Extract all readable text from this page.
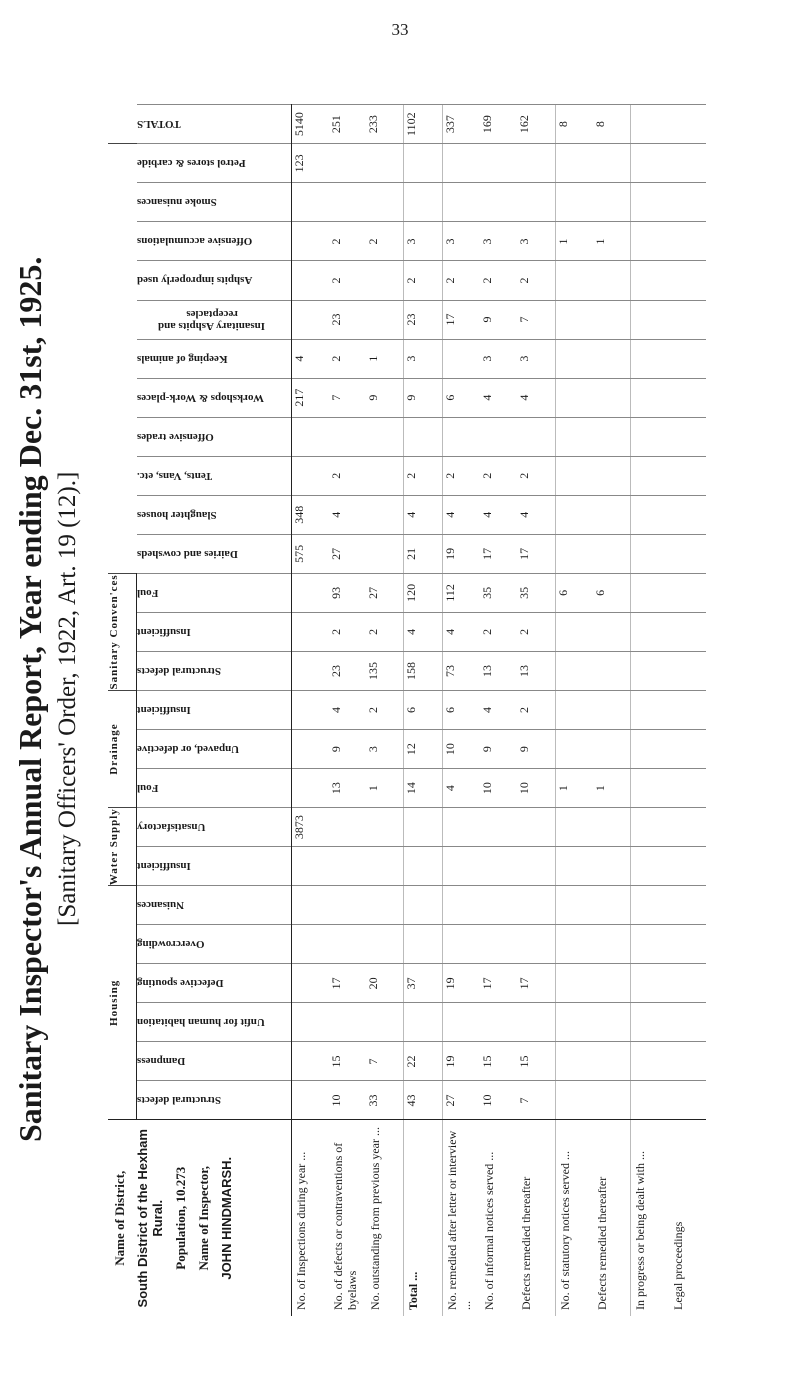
33
Sanitary Inspector's Annual Report, Year ending Dec. 31st, 1925. [Sanitary Officers' Order, 1922, Art. 19 (12).]
Name of District, South District of the Hexham Rural. Population, 10.273 Name of Inspector, JOHN HINDMARSH.	Housing						Water Supply		Drainage			Sanitary Conven'ces														
	Structural defects	Dampness	Unfit for human habitation	Defective spouting	Overcrowding	Nuisances	Insufficient	Unsatisfactory	Foul	Unpaved, or defective	Insufficient	Structural defects	Insufficient	Foul	Dairies and cowsheds	Slaughter houses	Tents, Vans, etc.	Offensive trades	Workshops & Work-places	Keeping of animals	Insanitary Ashpits and receptacles	Ashpits improperly used	Offensive accumulations	Smoke nuisances	Petrol stores & carbide	TOTALS
No. of Inspections during year ...								3873							575	348			217	4					123	5140
No. of defects or contraventions of byelaws	10	15		17					13	9	4	23	2	93	27	4	2		7	2	23	2	2			251
No. outstanding from previous year ...	33	7		20					1	3	2	135	2	27					9	1			2			233
Total ...	43	22		37					14	12	6	158	4	120	21	4	2		9	3	23	2	3			1102
No. remedied after letter or interview ...	27	19		19					4	10	6	73	4	112	19	4	2		6		17	2	3			337
No. of informal notices served ...	10	15		17					10	9	4	13	2	35	17	4	2		4	3	9	2	3			169
Defects remedied thereafter	7	15		17					10	9	2	13	2	35	17	4	2		4	3	7	2	3			162
No. of statutory notices served ...									1					6									1			8
Defects remedied thereafter									1					6									1			8
In progress or being dealt with ...																										
Legal proceedings																										
